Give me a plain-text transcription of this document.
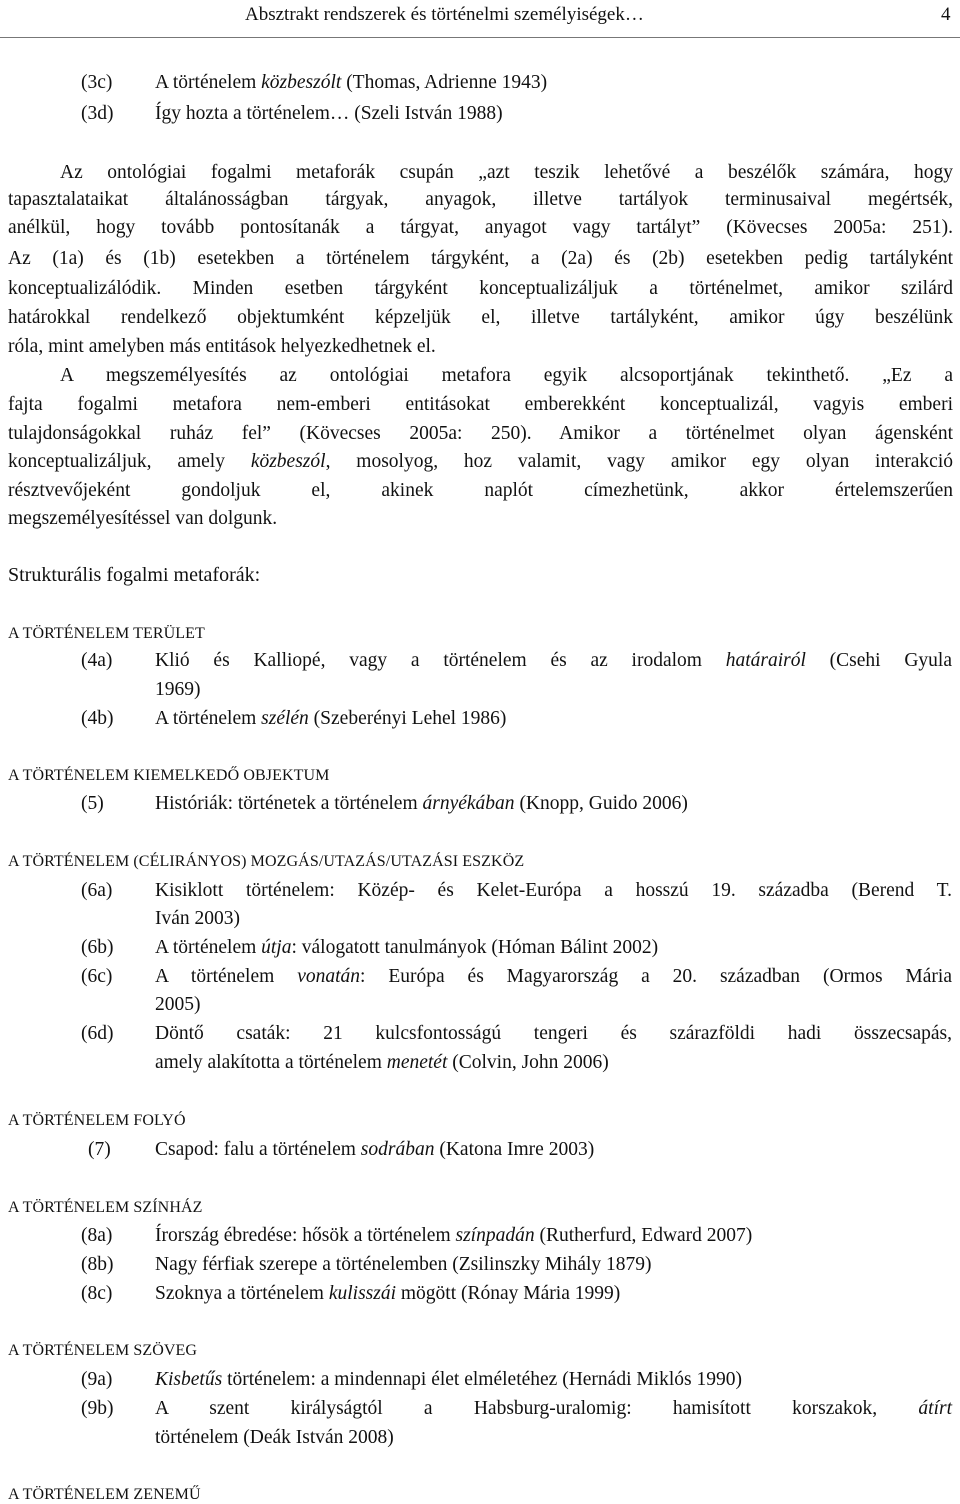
Absztrakt rendszerek és történelmi személyiségek…	4
(3c) A történelem közbeszólt (Thomas, Adrienne 1943)
(3d) Így hozta a történelem… (Szeli István 1988)
Az ontológiai fogalmi metaforák csupán „azt teszik lehetővé a beszélők számára, hogy
tapasztalataikat általánosságban tárgyak, anyagok, illetve tartályok terminusaival megértsék,
anélkül, hogy tovább pontosítanák a tárgyat, anyagot vagy tartályt” (Kövecses 2005a: 251).
Az (1a) és (1b) esetekben a történelem tárgyként, a (2a) és (2b) esetekben pedig tartályként
konceptualizálódik. Minden esetben tárgyként konceptualizáljuk a történelmet, amikor szilárd
határokkal rendelkező objektumként képzeljük el, illetve tartályként, amikor úgy beszélünk
róla, mint amelyben más entitások helyezkedhetnek el.
A megszemélyesítés az ontológiai metafora egyik alcsoportjának tekinthető. „Ez a
fajta fogalmi metafora nem-emberi entitásokat emberekként konceptualizál, vagyis emberi
tulajdonságokkal ruház fel” (Kövecses 2005a: 250). Amikor a történelmet olyan ágensként
konceptualizáljuk, amely közbeszól, mosolyog, hoz valamit, vagy amikor egy olyan interakció
résztvevőjeként gondoljuk el, akinek naplót címezhetünk, akkor értelemszerűen
megszemélyesítéssel van dolgunk.
Strukturális fogalmi metaforák:
A TÖRTÉNELEM TERÜLET
(4a) Klió és Kalliopé, vagy a történelem és az irodalom határairól (Csehi Gyula
1969)
(4b) A történelem szélén (Szeberényi Lehel 1986)
A TÖRTÉNELEM KIEMELKEDŐ OBJEKTUM
(5)	Históriák: történetek a történelem árnyékában (Knopp, Guido 2006)
A TÖRTÉNELEM (CÉLIRÁNYOS) MOZGÁS/UTAZÁS/UTAZÁSI ESZKÖZ
(6a) Kisiklott történelem: Közép- és Kelet-Európa a hosszú 19. századba (Berend T.
Iván 2003)
(6b) A történelem útja: válogatott tanulmányok (Hóman Bálint 2002)
(6c) A történelem vonatán: Európa és Magyarország a 20. században (Ormos Mária
2005)
(6d) Döntő csaták: 21 kulcsfontosságú tengeri és szárazföldi hadi összecsapás,
amely alakította a történelem menetét (Colvin, John 2006)
A TÖRTÉNELEM FOLYÓ
(7) Csapod: falu a történelem sodrában (Katona Imre 2003)
A TÖRTÉNELEM SZÍNHÁZ
(8a) Írország ébredése: hősök a történelem színpadán (Rutherfurd, Edward 2007)
(8b) Nagy férfiak szerepe a történelemben (Zsilinszky Mihály 1879)
(8c) Szoknya a történelem kulisszái mögött (Rónay Mária 1999)
A TÖRTÉNELEM SZÖVEG
(9a) Kisbetűs történelem: a mindennapi élet elméletéhez (Hernádi Miklós 1990)
(9b) A szent királyságtól a Habsburg-uralomig: hamisított korszakok, átírt
történelem (Deák István 2008)
A TÖRTÉNELEM ZENEMŰ
